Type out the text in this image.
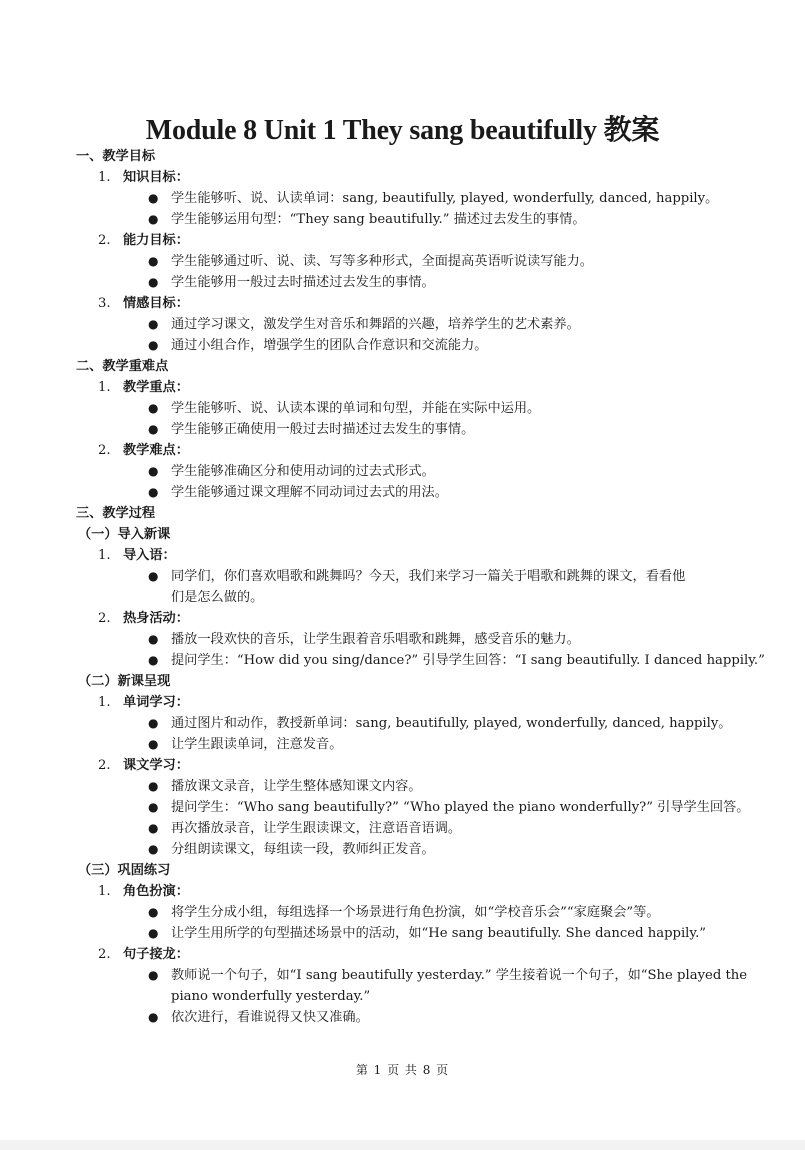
Module 8 Unit 1 They sang beautifully 教案
一、教学目标
1. 知识目标：
● 学生能够听、说、认读单词：sang, beautifully, played, wonderfully, danced, happily。
● 学生能够运用句型：“They sang beautifully.” 描述过去发生的事情。
2. 能力目标：
● 学生能够通过听、说、读、写等多种形式，全面提高英语听说读写能力。
● 学生能够用一般过去时描述过去发生的事情。
3. 情感目标：
● 通过学习课文，激发学生对音乐和舞蹈的兴趣，培养学生的艺术素养。
● 通过小组合作，增强学生的团队合作意识和交流能力。
二、教学重难点
1. 教学重点：
● 学生能够听、说、认读本课的单词和句型，并能在实际中运用。
● 学生能够正确使用一般过去时描述过去发生的事情。
2. 教学难点：
● 学生能够准确区分和使用动词的过去式形式。
● 学生能够通过课文理解不同动词过去式的用法。
三、教学过程
（一）导入新课
1. 导入语：
● 同学们，你们喜欢唱歌和跳舞吗？今天，我们来学习一篇关于唱歌和跳舞的课文，看看他
们是怎么做的。
2. 热身活动：
● 播放一段欢快的音乐，让学生跟着音乐唱歌和跳舞，感受音乐的魅力。
● 提问学生：“How did you sing/dance?” 引导学生回答：“I sang beautifully. I danced happily.”
（二）新课呈现
1. 单词学习：
● 通过图片和动作，教授新单词：sang, beautifully, played, wonderfully, danced, happily。
● 让学生跟读单词，注意发音。
2. 课文学习：
● 播放课文录音，让学生整体感知课文内容。
● 提问学生：“Who sang beautifully?” “Who played the piano wonderfully?” 引导学生回答。
● 再次播放录音，让学生跟读课文，注意语音语调。
● 分组朗读课文，每组读一段，教师纠正发音。
（三）巩固练习
1. 角色扮演：
● 将学生分成小组，每组选择一个场景进行角色扮演，如“学校音乐会”“家庭聚会”等。
● 让学生用所学的句型描述场景中的活动，如“He sang beautifully. She danced happily.”
2. 句子接龙：
● 教师说一个句子，如“I sang beautifully yesterday.” 学生接着说一个句子，如“She played the
piano wonderfully yesterday.”
● 依次进行，看谁说得又快又准确。
第 1 页 共 8 页
